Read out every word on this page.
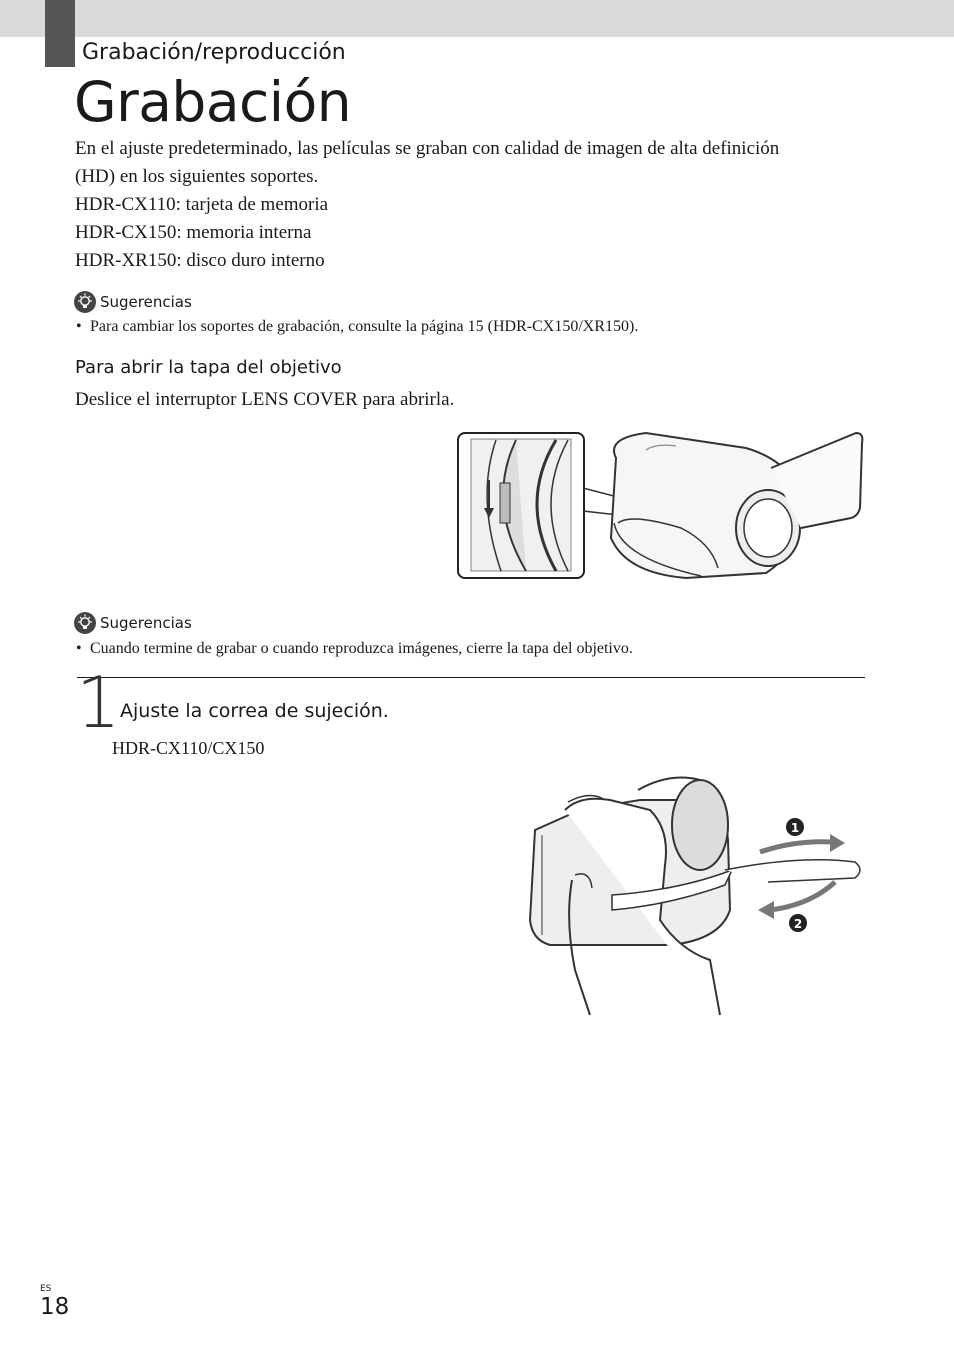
Grabación/reproducción
Grabación

En el ajuste predeterminado, las películas se graban con calidad de imagen de alta definición

(HD) en los siguientes soportes.

HDR-CX110: tarjeta de memoria

HDR-CX150: memoria interna

HDR-XR150: disco duro interno

Sugerencias
• Para cambiar los soportes de grabación, consulte la página 15 (HDR-CX150/XR150).
Para abrir la tapa del objetivo
Deslice el interruptor LENS COVER para abrirla.
Sugerencias
• Cuando termine de grabar o cuando reproduzca imágenes, cierre la tapa del objetivo.
1 Ajuste la correa de sujeción.
HDR-CX110/CX150
1
2
ES
18
